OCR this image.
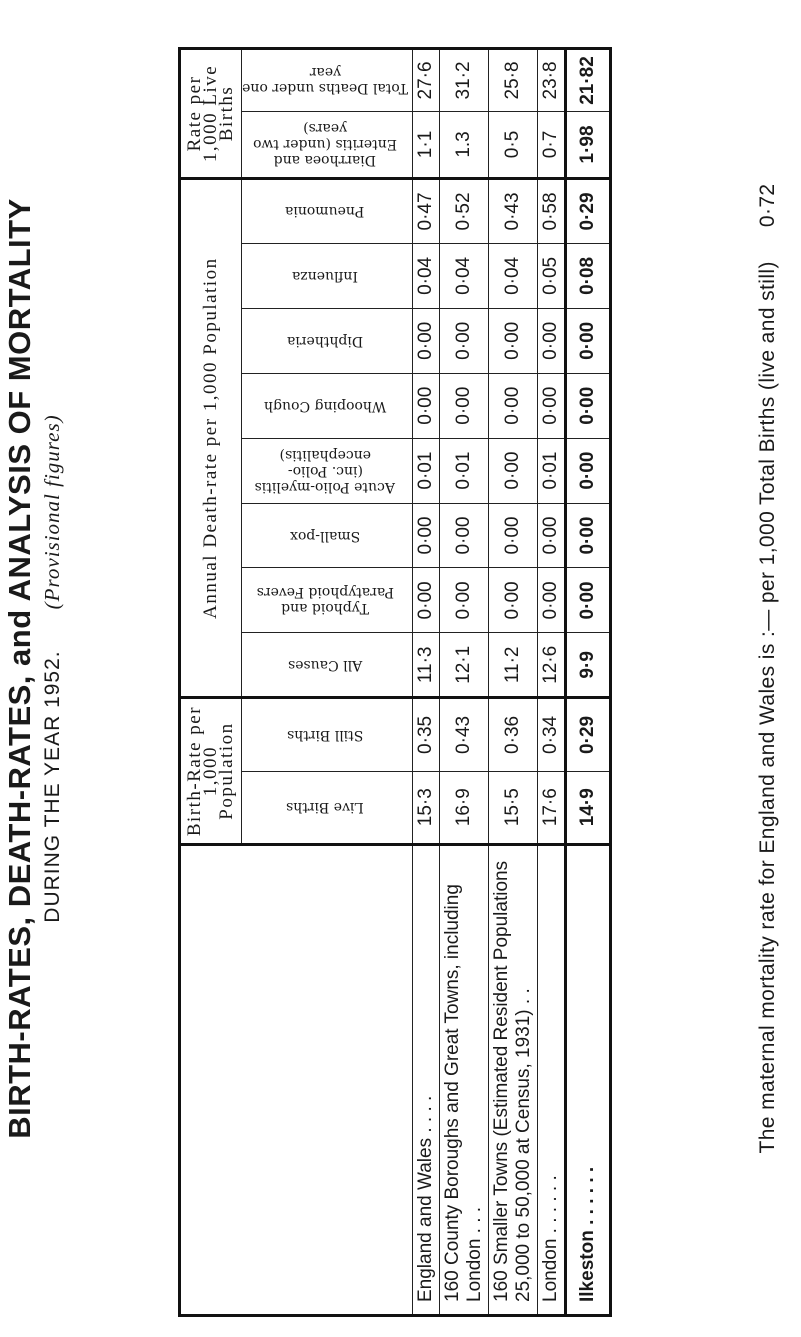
BIRTH-RATES, DEATH-RATES, and ANALYSIS OF MORTALITY DURING THE YEAR 1952.      (Provisional figures)
	Birth-Rate per 1,000 Population		Annual Death-rate per 1,000 Population								Rate per 1,000 Live Births	
	Live Births	Still Births	All Causes	Typhoid and Paratyphoid Fevers	Small-pox	Acute Polio-myelitis (inc. Polio-encephalitis)	Whooping Cough	Diphtheria	Influenza	Pneumonia	Diarrhoea and Enteritis (under two years)	Total Deaths under one year
England and Wales . . . .	15·3	0·35	11·3	0·00	0·00	0·01	0·00	0·00	0·04	0·47	1·1	27·6
160 County Boroughs and Great Towns, including London . . .	16·9	0·43	12·1	0·00	0·00	0·01	0·00	0·00	0·04	0·52	1.3	31·2
160 Smaller Towns (Estimated Resident Populations 25,000 to 50,000 at Census, 1931) . .	15·5	0·36	11·2	0·00	0·00	0·00	0·00	0·00	0·04	0·43	0·5	25·8
London . . . . . .	17·6	0·34	12·6	0·00	0·00	0·01	0·00	0·00	0·05	0·58	0·7	23·8
Ilkeston . . . . . .	14·9	0·29	9·9	0·00	0·00	0·00	0·00	0·00	0·08	0·29	1·98	21·82
The maternal mortality rate for England and Wales is :— per 1,000 Total Births (live and still)0·72
